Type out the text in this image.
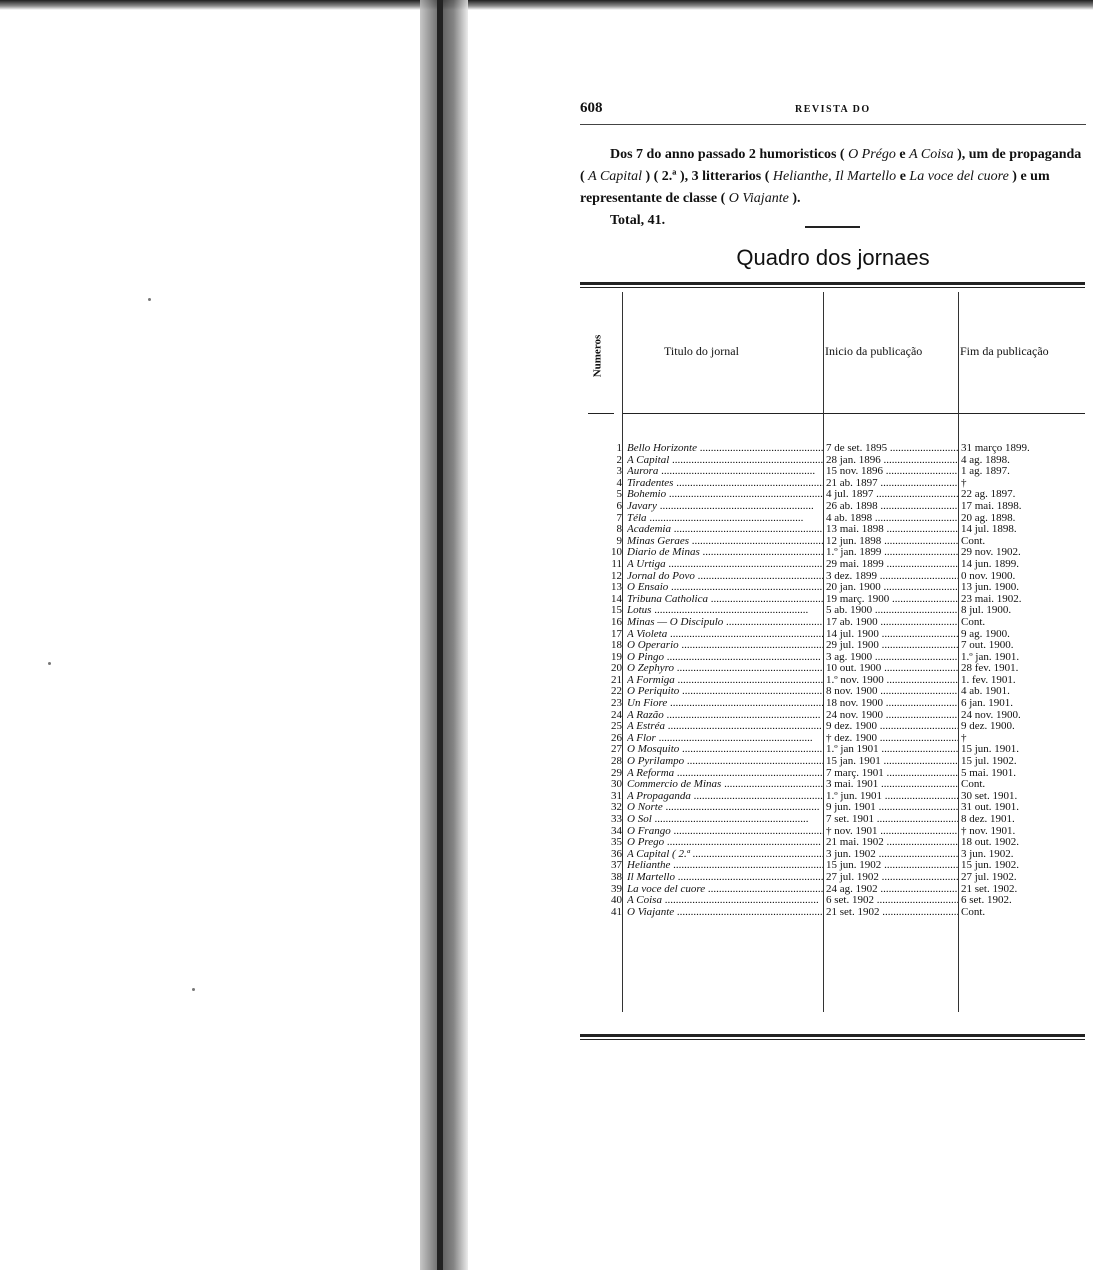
608	REVISTA DO

Dos 7 do anno passado 2 humoristicos ( O Prégo e A Coisa ), um de propaganda ( A Capital ) ( 2.ª ), 3 litterarios ( Helianthe, Il Martello e La voce del cuore ) e um representante de classe ( O Viajante ).

Total, 41.

Quadro dos jornaes
Numeros	Titulo do jornal	Inicio da publicação	Fim da publicação
1 Bello Horizonte .....	7 de set. 1895 .....	31 março 1899.
2 A Capital .....	28 jan. 1896 .....	4 ag. 1898.
3 Aurora .....	15 nov. 1896 .....	1 ag. 1897.
4 Tiradentes .....	21 ab. 1897 .....	†
5 Bohemio .....	4 jul. 1897 .....	22 ag. 1897.
6 Javary .....	26 ab. 1898 .....	17 mai. 1898.
7 Téla .....	4 ab. 1898 .....	20 ag. 1898.
8 Academia .....	13 mai. 1898 .....	14 jul. 1898.
9 Minas Geraes .....	12 jun. 1898 .....	Cont.
10 Diario de Minas .....	1.º jan. 1899 .....	29 nov. 1902.
11 A Urtiga .....	29 mai. 1899 .....	14 jun. 1899.
12 Jornal do Povo .....	3 dez. 1899 .....	0 nov. 1900.
13 O Ensaio .....	20 jan. 1900 .....	13 jun. 1900.
14 Tribuna Catholica .....	19 març. 1900 .....	23 mai. 1902.
15 Lotus .....	5 ab. 1900 .....	8 jul. 1900.
16 Minas — O Discipulo .....	17 ab. 1900 .....	Cont.
17 A Violeta .....	14 jul. 1900 .....	9 ag. 1900.
18 O Operario .....	29 jul. 1900 .....	7 out. 1900.
19 O Pingo .....	3 ag. 1900 .....	1.º jan. 1901.
20 O Zephyro .....	10 out. 1900 .....	28 fev. 1901.
21 A Formiga .....	1.º nov. 1900 .....	1. fev. 1901.
22 O Periquito .....	8 nov. 1900 .....	4 ab. 1901.
23 Un Fiore .....	18 nov. 1900 .....	6 jan. 1901.
24 A Razão .....	24 nov. 1900 .....	24 nov. 1900.
25 A Estréa .....	9 dez. 1900 .....	9 dez. 1900.
26 A Flor .....	† dez. 1900 .....	†
27 O Mosquito .....	1.º jan 1901 .....	15 jun. 1901.
28 O Pyrilampo .....	15 jan. 1901 .....	15 jul. 1902.
29 A Reforma .....	7 març. 1901 .....	5 mai. 1901.
30 Commercio de Minas .....	3 mai. 1901 .....	Cont.
31 A Propaganda .....	1.º jun. 1901 .....	30 set. 1901.
32 O Norte .....	9 jun. 1901 .....	31 out. 1901.
33 O Sol .....	7 set. 1901 .....	8 dez. 1901.
34 O Frango .....	† nov. 1901 .....	† nov. 1901.
35 O Prego .....	21 mai. 1902 .....	18 out. 1902.
36 A Capital ( 2.ª .....	3 jun. 1902 .....	3 jun. 1902.
37 Helianthe .....	15 jun. 1902 .....	15 jun. 1902.
38 Il Martello .....	27 jul. 1902 .....	27 jul. 1902.
39 La voce del cuore .....	24 ag. 1902 .....	21 set. 1902.
40 A Coisa .....	6 set. 1902 .....	6 set. 1902.
41 O Viajante .....	21 set. 1902 .....	Cont.
